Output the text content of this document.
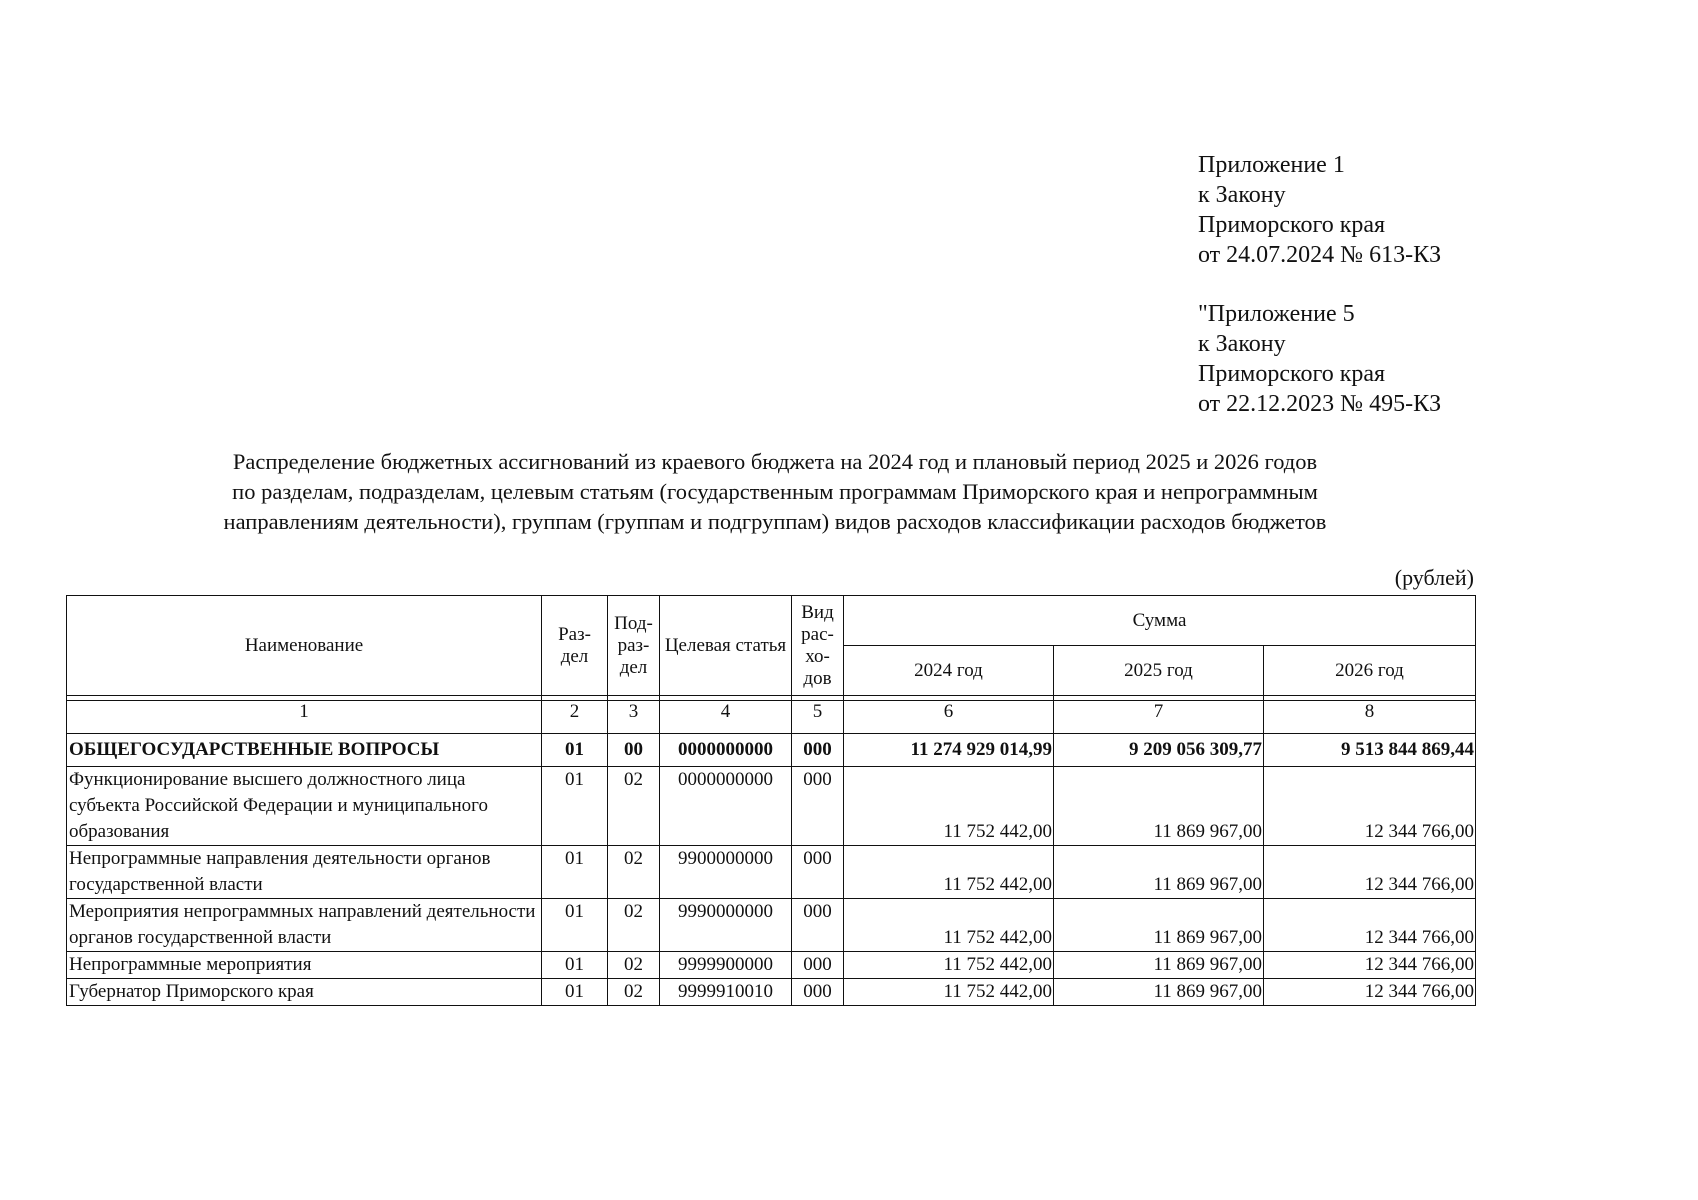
Приложение 1
к Закону
Приморского края
от 24.07.2024 № 613-КЗ
"Приложение 5
к Закону
Приморского края
от 22.12.2023 № 495-КЗ
Распределение бюджетных ассигнований из краевого бюджета на 2024 год и плановый период 2025 и 2026 годов
по разделам, подразделам, целевым статьям (государственным программам Приморского края и непрограммным
направлениям деятельности), группам (группам и подгруппам) видов расходов классификации расходов бюджетов
(рублей)
Наименование	Раз- дел	Под- раз- дел	Целевая статья	Вид рас- хо- дов	Сумма		
					2024 год	2025 год	2026 год

1	2	3	4	5	6	7	8
ОБЩЕГОСУДАРСТВЕННЫЕ ВОПРОСЫ	01	00	0000000000	000	11 274 929 014,99	9 209 056 309,77	9 513 844 869,44
Функционирование высшего должностного лица субъекта Российской Федерации и муниципального образования	01	02	0000000000	000	11 752 442,00	11 869 967,00	12 344 766,00
Непрограммные направления деятельности органов государственной власти	01	02	9900000000	000	11 752 442,00	11 869 967,00	12 344 766,00
Мероприятия непрограммных направлений деятельности органов государственной власти	01	02	9990000000	000	11 752 442,00	11 869 967,00	12 344 766,00
Непрограммные мероприятия	01	02	9999900000	000	11 752 442,00	11 869 967,00	12 344 766,00
Губернатор Приморского края	01	02	9999910010	000	11 752 442,00	11 869 967,00	12 344 766,00
